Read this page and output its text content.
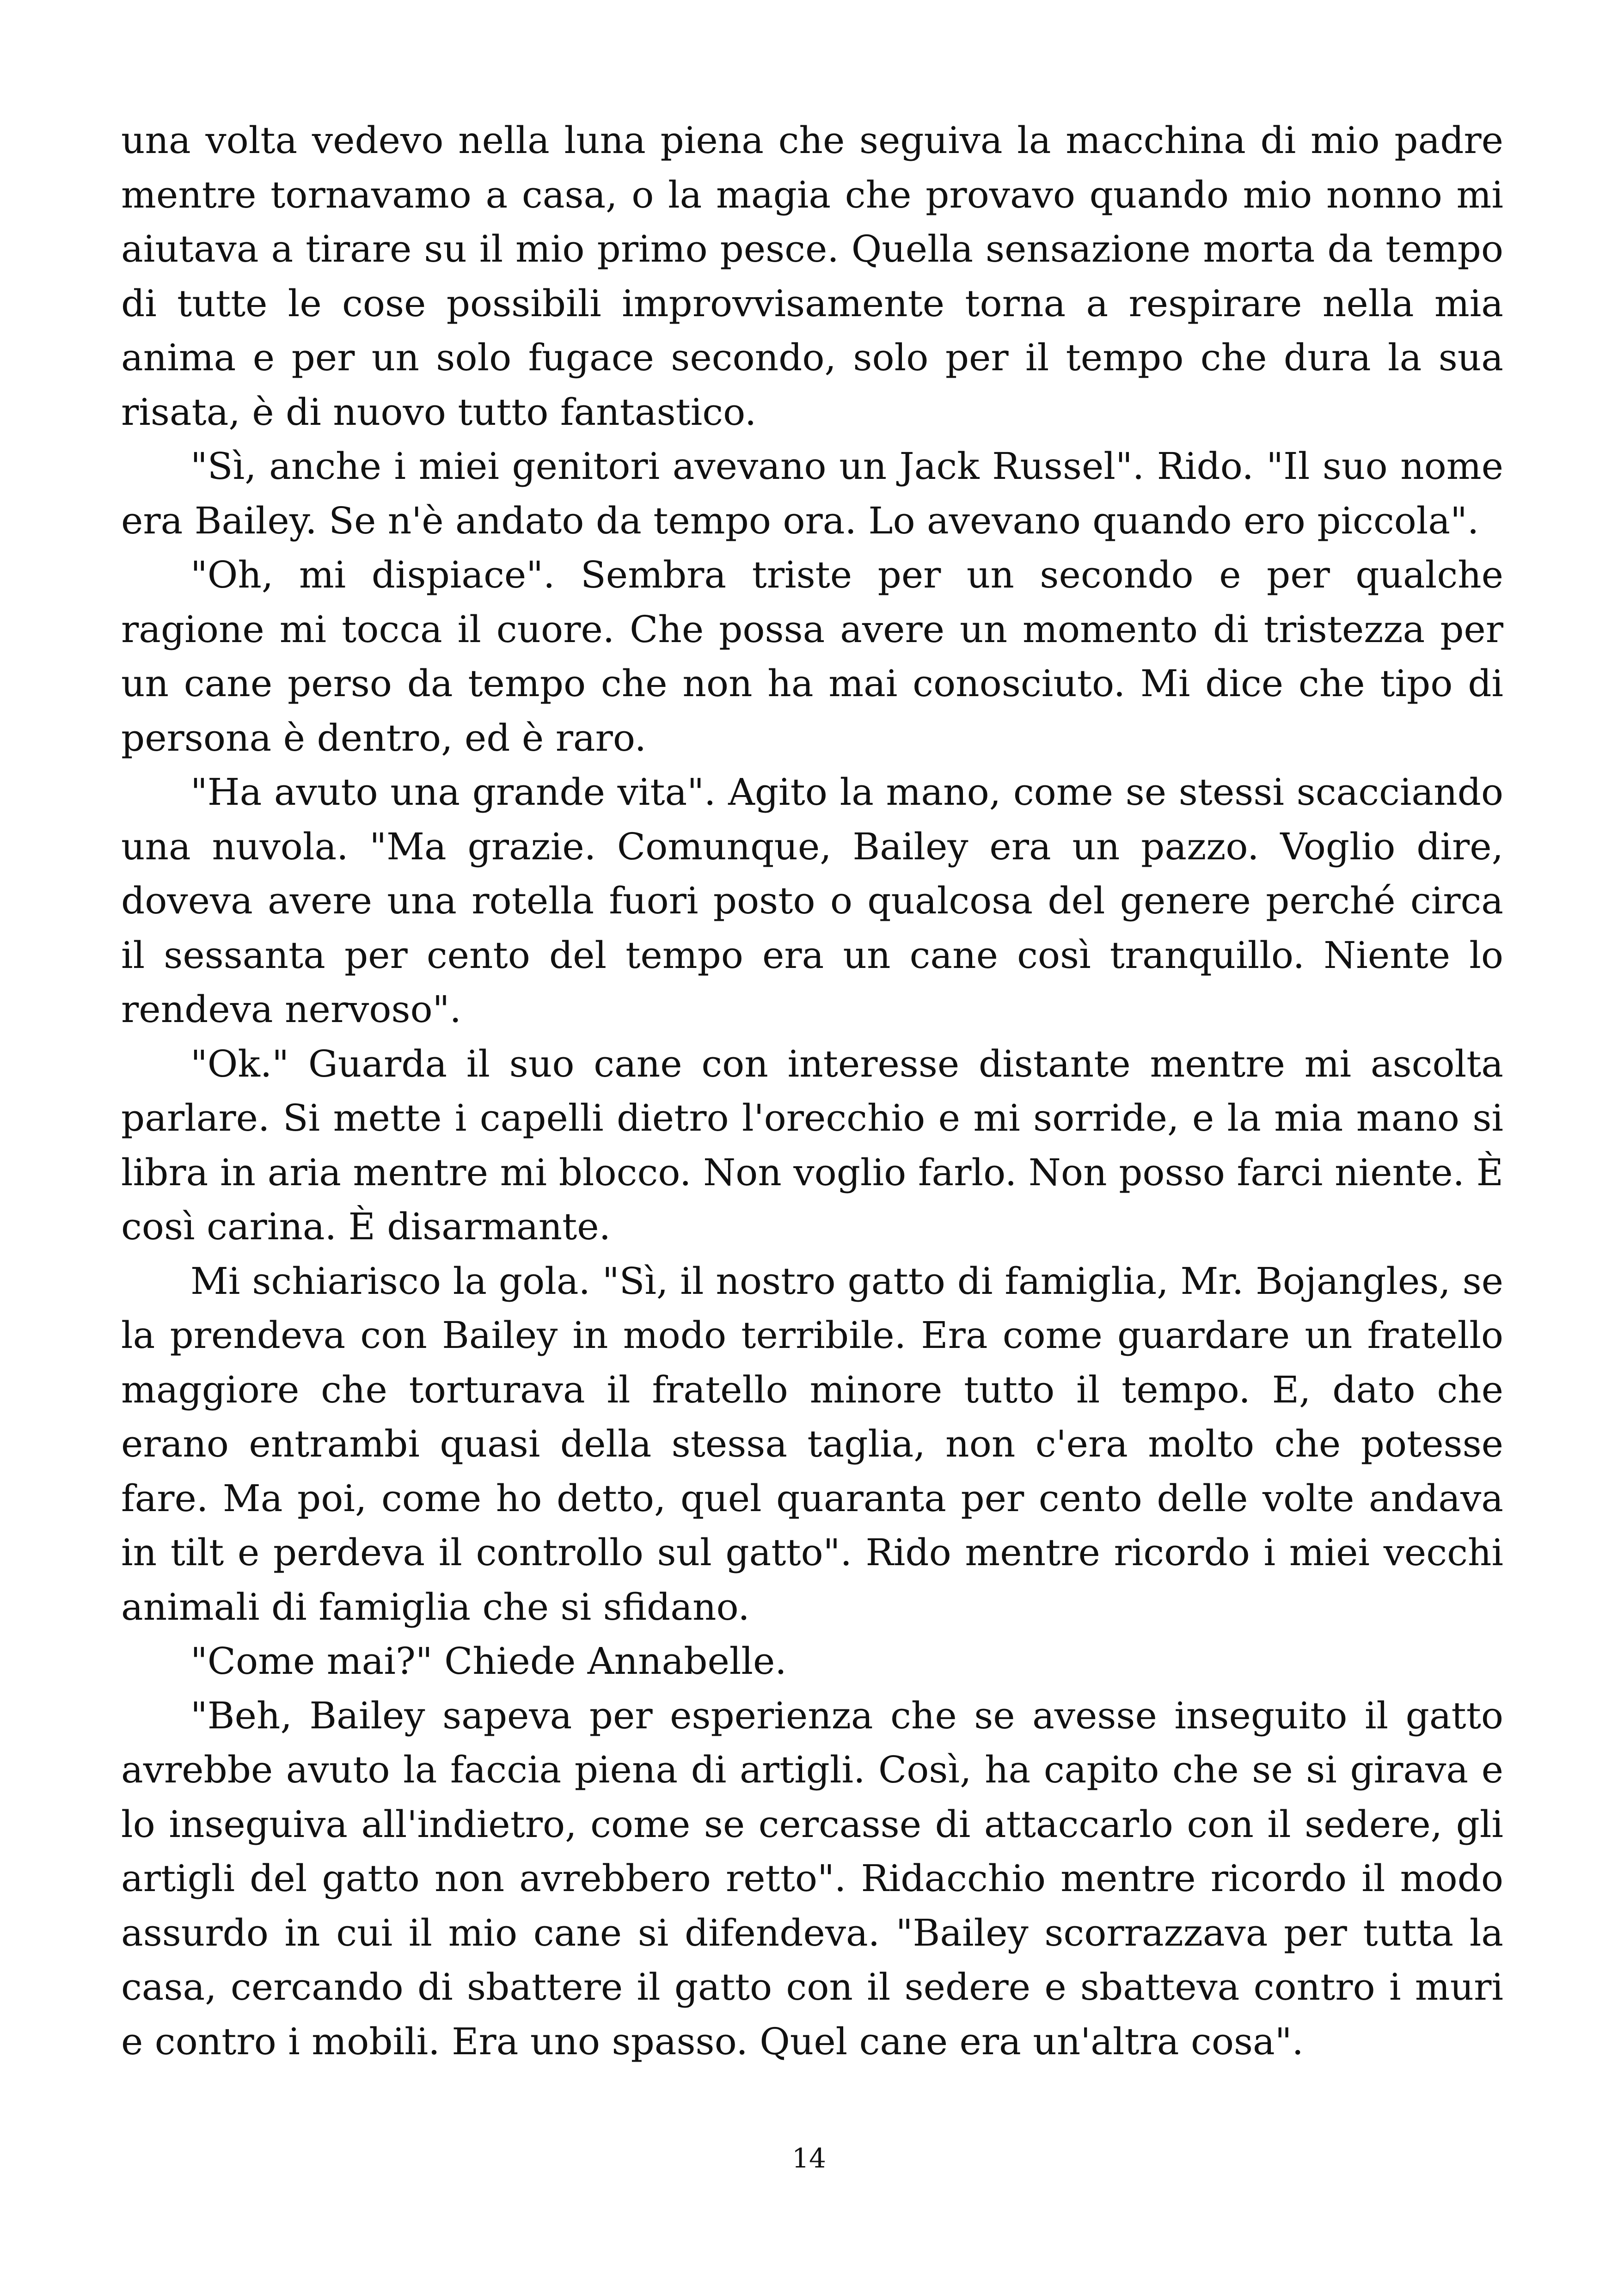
una volta vedevo nella luna piena che seguiva la macchina di mio padre mentre tornavamo a casa, o la magia che provavo quando mio nonno mi aiutava a tirare su il mio primo pesce. Quella sensazione morta da tempo di tutte le cose possibili improvvisamente torna a respirare nella mia anima e per un solo fugace secondo, solo per il tempo che dura la sua risata, è di nuovo tutto fantastico.

"Sì, anche i miei genitori avevano un Jack Russel". Rido. "Il suo nome era Bailey. Se n'è andato da tempo ora. Lo avevano quando ero piccola".

"Oh, mi dispiace". Sembra triste per un secondo e per qualche ragione mi tocca il cuore. Che possa avere un momento di tristezza per un cane perso da tempo che non ha mai conosciuto. Mi dice che tipo di persona è dentro, ed è raro.

"Ha avuto una grande vita". Agito la mano, come se stessi scacciando una nuvola. "Ma grazie. Comunque, Bailey era un pazzo. Voglio dire, doveva avere una rotella fuori posto o qualcosa del genere perché circa il sessanta per cento del tempo era un cane così tranquillo. Niente lo rendeva nervoso".

"Ok." Guarda il suo cane con interesse distante mentre mi ascolta parlare. Si mette i capelli dietro l'orecchio e mi sorride, e la mia mano si libra in aria mentre mi blocco. Non voglio farlo. Non posso farci niente. È così carina. È disarmante.

Mi schiarisco la gola. "Sì, il nostro gatto di famiglia, Mr. Bojangles, se la prendeva con Bailey in modo terribile. Era come guardare un fratello maggiore che torturava il fratello minore tutto il tempo. E, dato che erano entrambi quasi della stessa taglia, non c'era molto che potesse fare. Ma poi, come ho detto, quel quaranta per cento delle volte andava in tilt e perdeva il controllo sul gatto". Rido mentre ricordo i miei vecchi animali di famiglia che si sfidano.

"Come mai?" Chiede Annabelle.

"Beh, Bailey sapeva per esperienza che se avesse inseguito il gatto avrebbe avuto la faccia piena di artigli. Così, ha capito che se si girava e lo inseguiva all'indietro, come se cercasse di attaccarlo con il sedere, gli artigli del gatto non avrebbero retto". Ridacchio mentre ricordo il modo assurdo in cui il mio cane si difendeva. "Bailey scorrazzava per tutta la casa, cercando di sbattere il gatto con il sedere e sbatteva contro i muri e contro i mobili. Era uno spasso. Quel cane era un'altra cosa".

14
